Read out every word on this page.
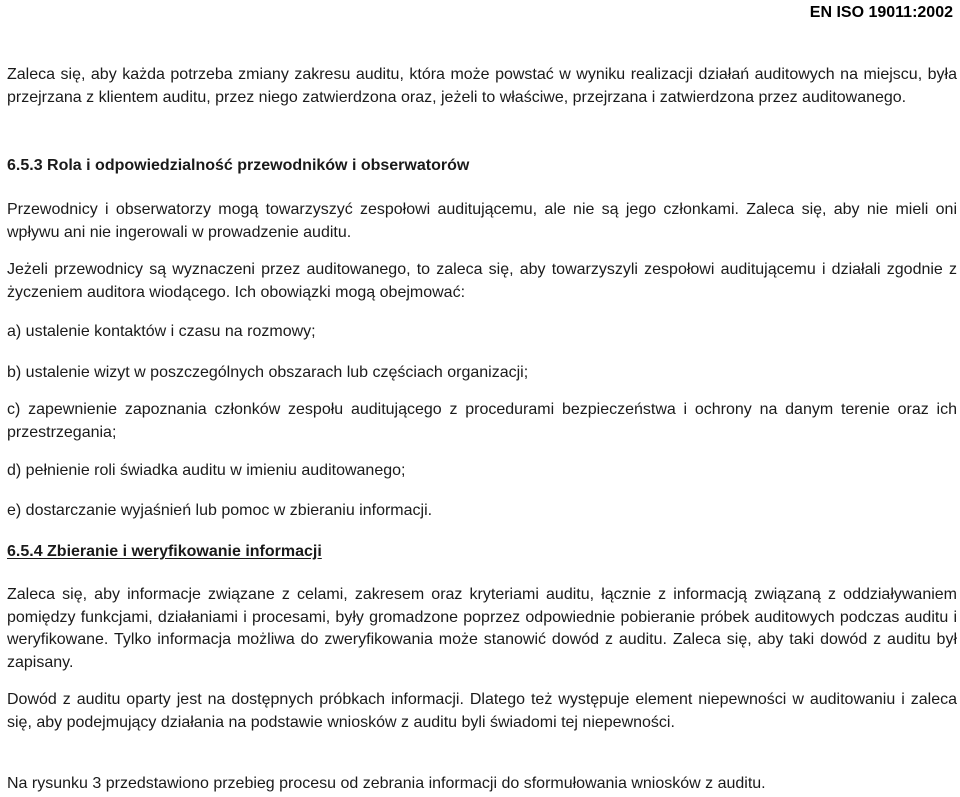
EN ISO 19011:2002
Zaleca się, aby każda potrzeba zmiany zakresu auditu, która może powstać w wyniku realizacji działań auditowych na miejscu, była przejrzana z klientem auditu, przez niego zatwierdzona oraz, jeżeli to właściwe, przejrzana i zatwierdzona przez auditowanego.
6.5.3 Rola i odpowiedzialność przewodników i obserwatorów
Przewodnicy i obserwatorzy mogą towarzyszyć zespołowi auditującemu, ale nie są jego członkami. Zaleca się, aby nie mieli oni wpływu ani nie ingerowali w prowadzenie auditu.
Jeżeli przewodnicy są wyznaczeni przez auditowanego, to zaleca się, aby towarzyszyli zespołowi auditującemu i działali zgodnie z życzeniem auditora wiodącego. Ich obowiązki mogą obejmować:
a) ustalenie kontaktów i czasu na rozmowy;
b) ustalenie wizyt w poszczególnych obszarach lub częściach organizacji;
c) zapewnienie zapoznania członków zespołu auditującego z procedurami bezpieczeństwa i ochrony na danym terenie oraz ich przestrzegania;
d) pełnienie roli świadka auditu w imieniu auditowanego;
e) dostarczanie wyjaśnień lub pomoc w zbieraniu informacji.
6.5.4 Zbieranie i weryfikowanie informacji
Zaleca się, aby informacje związane z celami, zakresem oraz kryteriami auditu, łącznie z informacją związaną z oddziaływaniem pomiędzy funkcjami, działaniami i procesami, były gromadzone poprzez odpowiednie pobieranie próbek auditowych podczas auditu i weryfikowane. Tylko informacja możliwa do zweryfikowania może stanowić dowód z auditu. Zaleca się, aby taki dowód z auditu był zapisany.
Dowód z auditu oparty jest na dostępnych próbkach informacji. Dlatego też występuje element niepewności w auditowaniu i zaleca się, aby podejmujący działania na podstawie wniosków z auditu byli świadomi tej niepewności.
Na rysunku 3 przedstawiono przebieg procesu od zebrania informacji do sformułowania wniosków z auditu.
